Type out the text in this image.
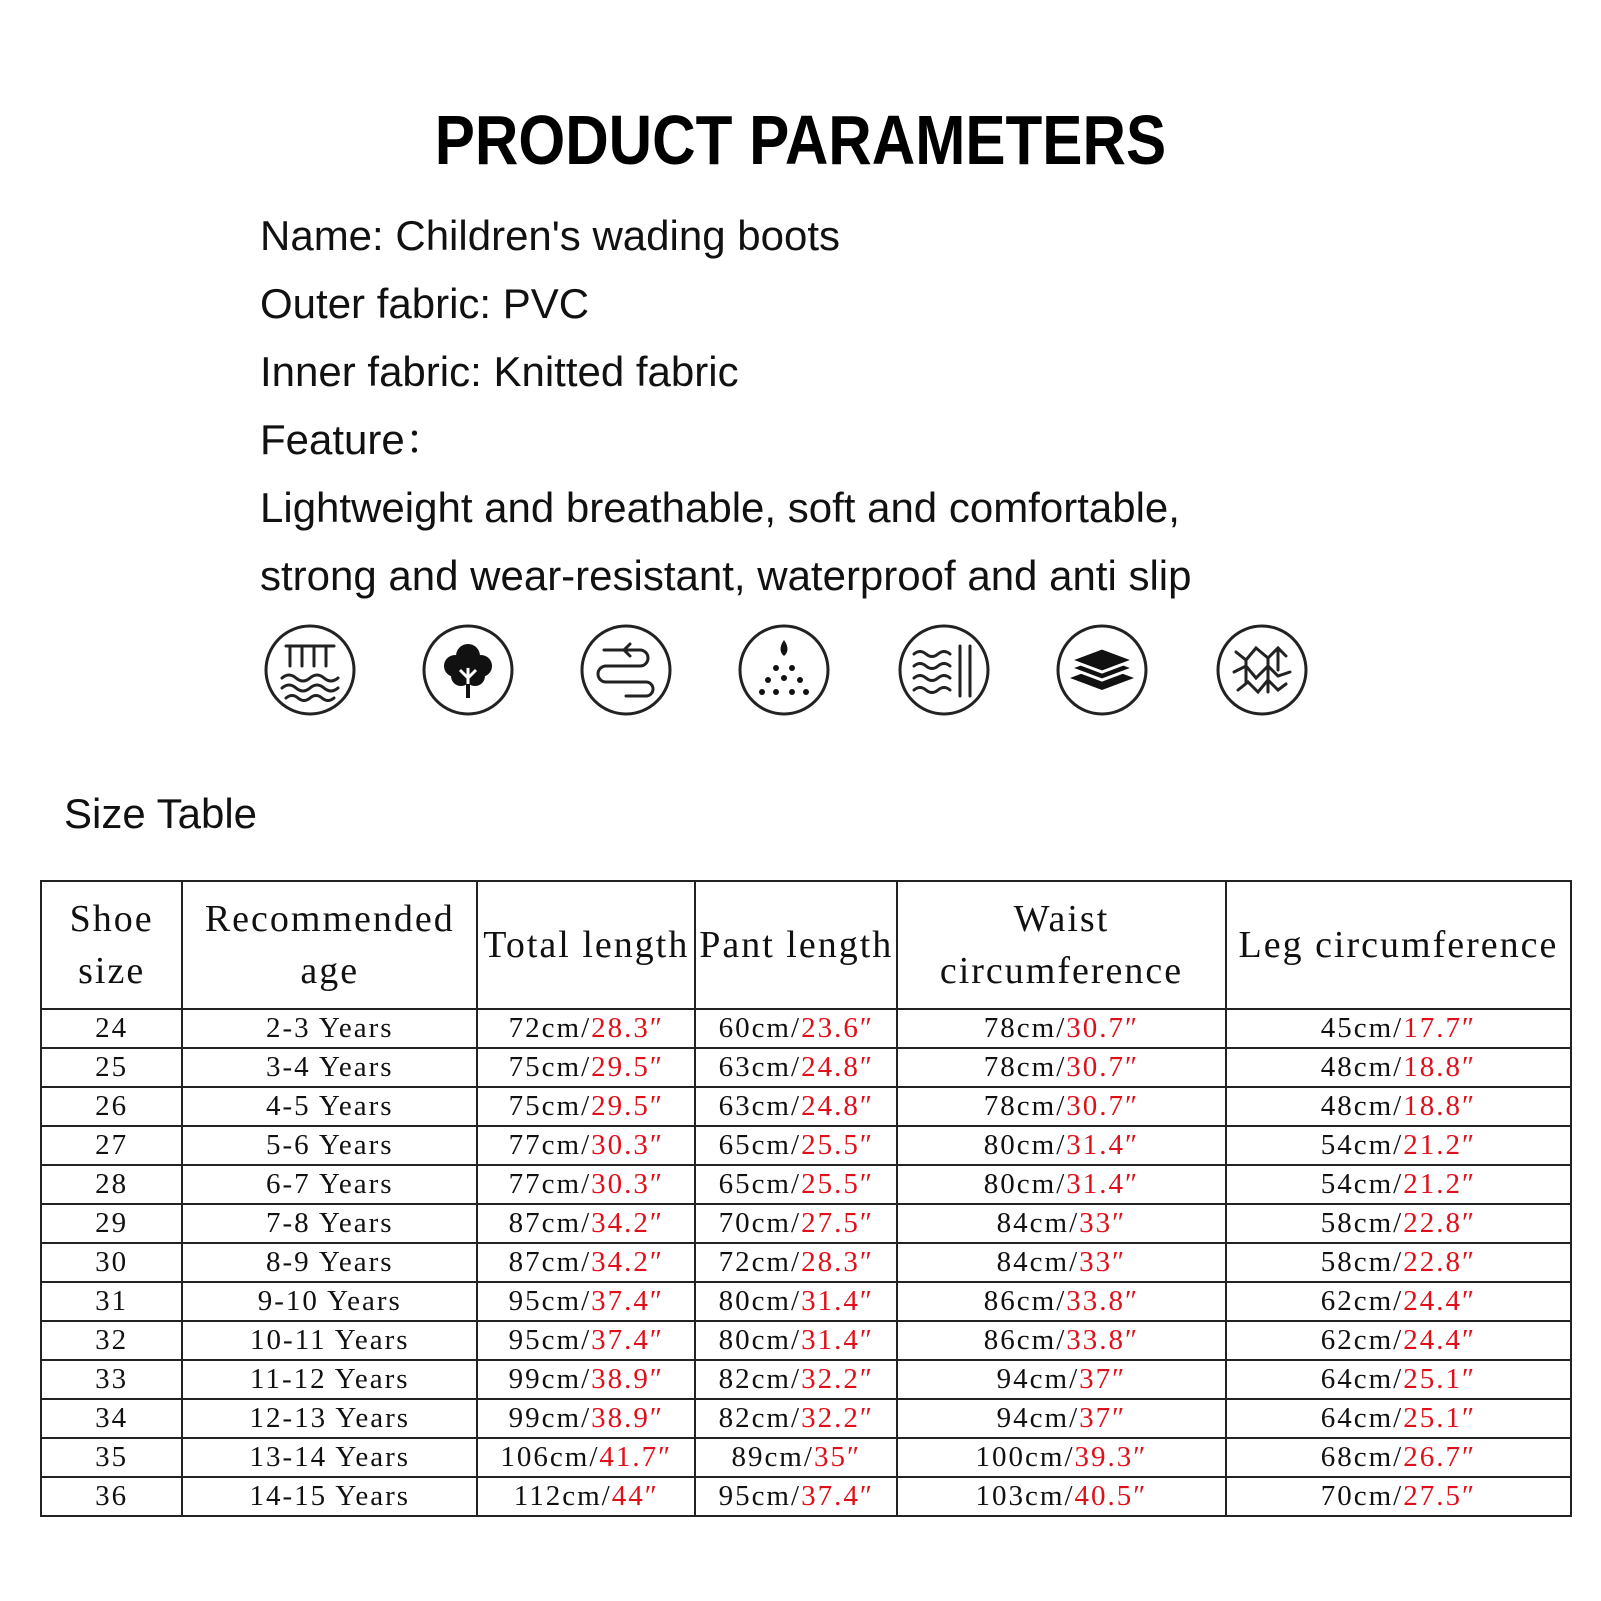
PRODUCT PARAMETERS
Name: Children's wading boots
Outer fabric: PVC
Inner fabric: Knitted fabric
Feature：
Lightweight and breathable, soft and comfortable,
strong and wear-resistant, waterproof and anti slip
Size Table
Shoe size	Recommended age	Total length	Pant length	Waist circumference	Leg circumference
24	2-3 Years	72cm/28.3″	60cm/23.6″	78cm/30.7″	45cm/17.7″
25	3-4 Years	75cm/29.5″	63cm/24.8″	78cm/30.7″	48cm/18.8″
26	4-5 Years	75cm/29.5″	63cm/24.8″	78cm/30.7″	48cm/18.8″
27	5-6 Years	77cm/30.3″	65cm/25.5″	80cm/31.4″	54cm/21.2″
28	6-7 Years	77cm/30.3″	65cm/25.5″	80cm/31.4″	54cm/21.2″
29	7-8 Years	87cm/34.2″	70cm/27.5″	84cm/33″	58cm/22.8″
30	8-9 Years	87cm/34.2″	72cm/28.3″	84cm/33″	58cm/22.8″
31	9-10 Years	95cm/37.4″	80cm/31.4″	86cm/33.8″	62cm/24.4″
32	10-11 Years	95cm/37.4″	80cm/31.4″	86cm/33.8″	62cm/24.4″
33	11-12 Years	99cm/38.9″	82cm/32.2″	94cm/37″	64cm/25.1″
34	12-13 Years	99cm/38.9″	82cm/32.2″	94cm/37″	64cm/25.1″
35	13-14 Years	106cm/41.7″	89cm/35″	100cm/39.3″	68cm/26.7″
36	14-15 Years	112cm/44″	95cm/37.4″	103cm/40.5″	70cm/27.5″
